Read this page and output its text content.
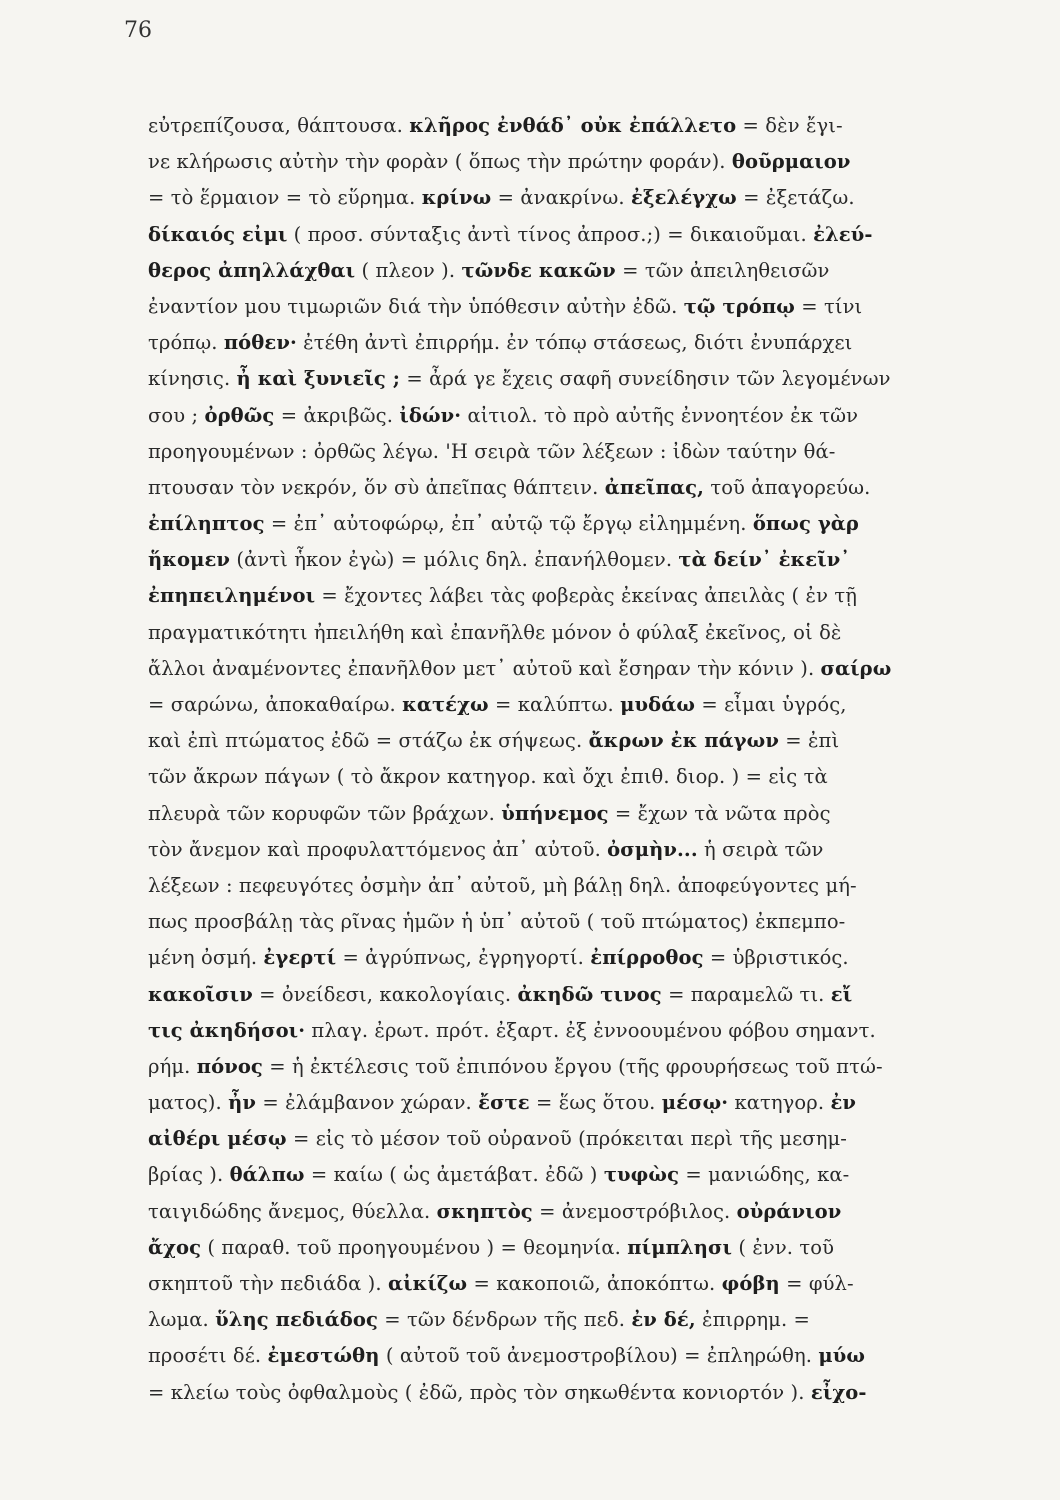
76
εὐτρεπίζουσα, θάπτουσα. κλῆρος ἐνθάδ᾽ οὐκ ἐπάλλετο = δὲν ἔγι-
νε κλήρωσις αὐτὴν τὴν φορὰν ( ὅπως τὴν πρώτην φοράν). θοῦρμαιον
= τὸ ἕρμαιον = τὸ εὕρημα. κρίνω = ἀνακρίνω. ἐξελέγχω = ἐξετάζω.
δίκαιός εἰμι ( προσ. σύνταξις ἀντὶ τίνος ἀπροσ.;) = δικαιοῦμαι. ἐλεύ-
θερος ἀπηλλάχθαι ( πλεον ). τῶνδε κακῶν = τῶν ἀπειληθεισῶν
ἐναντίον μου τιμωριῶν διά τὴν ὑπόθεσιν αὐτὴν ἐδῶ. τῷ τρόπῳ = τίνι
τρόπῳ. πόθεν· ἐτέθη ἀντὶ ἐπιρρήμ. ἐν τόπῳ στάσεως, διότι ἐνυπάρχει
κίνησις. ἦ καὶ ξυνιεῖς ; = ἆρά γε ἔχεις σαφῆ συνείδησιν τῶν λεγομένων
σου ; ὀρθῶς = ἀκριβῶς. ἰδών· αἰτιολ. τὸ πρὸ αὐτῆς ἐννοητέον ἐκ τῶν
προηγουμένων : ὀρθῶς λέγω. 'Η σειρὰ τῶν λέξεων : ἰδὼν ταύτην θά-
πτουσαν τὸν νεκρόν, ὅν σὺ ἀπεῖπας θάπτειν. ἀπεῖπας, τοῦ ἀπαγορεύω.
ἐπίληπτος = ἐπ᾽ αὐτοφώρῳ, ἐπ᾽ αὐτῷ τῷ ἔργῳ εἰλημμένη. ὅπως γὰρ
ἥκομεν (ἀντὶ ἧκον ἐγὼ) = μόλις δηλ. ἐπανήλθομεν. τὰ δείν᾽ ἐκεῖν᾽
ἐπηπειλημένοι = ἔχοντες λάβει τὰς φοβερὰς ἐκείνας ἀπειλὰς ( ἐν τῇ
πραγματικότητι ἠπειλήθη καὶ ἐπανῆλθε μόνον ὁ φύλαξ ἐκεῖνος, οἱ δὲ
ἄλλοι ἀναμένοντες ἐπανῆλθον μετ᾽ αὐτοῦ καὶ ἔσηραν τὴν κόνιν ). σαίρω
= σαρώνω, ἀποκαθαίρω. κατέχω = καλύπτω. μυδάω = εἶμαι ὑγρός,
καὶ ἐπὶ πτώματος ἐδῶ = στάζω ἐκ σήψεως. ἄκρων ἐκ πάγων = ἐπὶ
τῶν ἄκρων πάγων ( τὸ ἄκρον κατηγορ. καὶ ὄχι ἐπιθ. διορ. ) = εἰς τὰ
πλευρὰ τῶν κορυφῶν τῶν βράχων. ὑπήνεμος = ἔχων τὰ νῶτα πρὸς
τὸν ἄνεμον καὶ προφυλαττόμενος ἀπ᾽ αὐτοῦ. ὀσμὴν... ἡ σειρὰ τῶν
λέξεων : πεφευγότες ὀσμὴν ἀπ᾽ αὐτοῦ, μὴ βάλῃ δηλ. ἀποφεύγοντες μή-
πως προσβάλῃ τὰς ρῖνας ἡμῶν ἡ ὑπ᾽ αὐτοῦ ( τοῦ πτώματος) ἐκπεμπο-
μένη ὀσμή. ἐγερτί = ἀγρύπνως, ἐγρηγορτί. ἐπίρροθος = ὑβριστικός.
κακοῖσιν = ὀνείδεσι, κακολογίαις. ἀκηδῶ τινος = παραμελῶ τι. εἴ
τις ἀκηδήσοι· πλαγ. ἐρωτ. πρότ. ἐξαρτ. ἐξ ἐννοουμένου φόβου σημαντ.
ρήμ. πόνος = ἡ ἐκτέλεσις τοῦ ἐπιπόνου ἔργου (τῆς φρουρήσεως τοῦ πτώ-
ματος). ἦν = ἐλάμβανον χώραν. ἔστε = ἕως ὅτου. μέσῳ· κατηγορ. ἐν
αἰθέρι μέσῳ = εἰς τὸ μέσον τοῦ οὐρανοῦ (πρόκειται περὶ τῆς μεσημ-
βρίας ). θάλπω = καίω ( ὡς ἀμετάβατ. ἐδῶ ) τυφὼς = μανιώδης, κα-
ταιγιδώδης ἄνεμος, θύελλα. σκηπτὸς = ἀνεμοστρόβιλος. οὐράνιον
ἄχος ( παραθ. τοῦ προηγουμένου ) = θεομηνία. πίμπλησι ( ἐνν. τοῦ
σκηπτοῦ τὴν πεδιάδα ). αἰκίζω = κακοποιῶ, ἀποκόπτω. φόβη = φύλ-
λωμα. ὕλης πεδιάδος = τῶν δένδρων τῆς πεδ. ἐν δέ, ἐπιρρημ. =
προσέτι δέ. ἐμεστώθη ( αὐτοῦ τοῦ ἀνεμοστροβίλου) = ἐπληρώθη. μύω
= κλείω τοὺς ὀφθαλμοὺς ( ἐδῶ, πρὸς τὸν σηκωθέντα κονιορτόν ). εἶχο-
